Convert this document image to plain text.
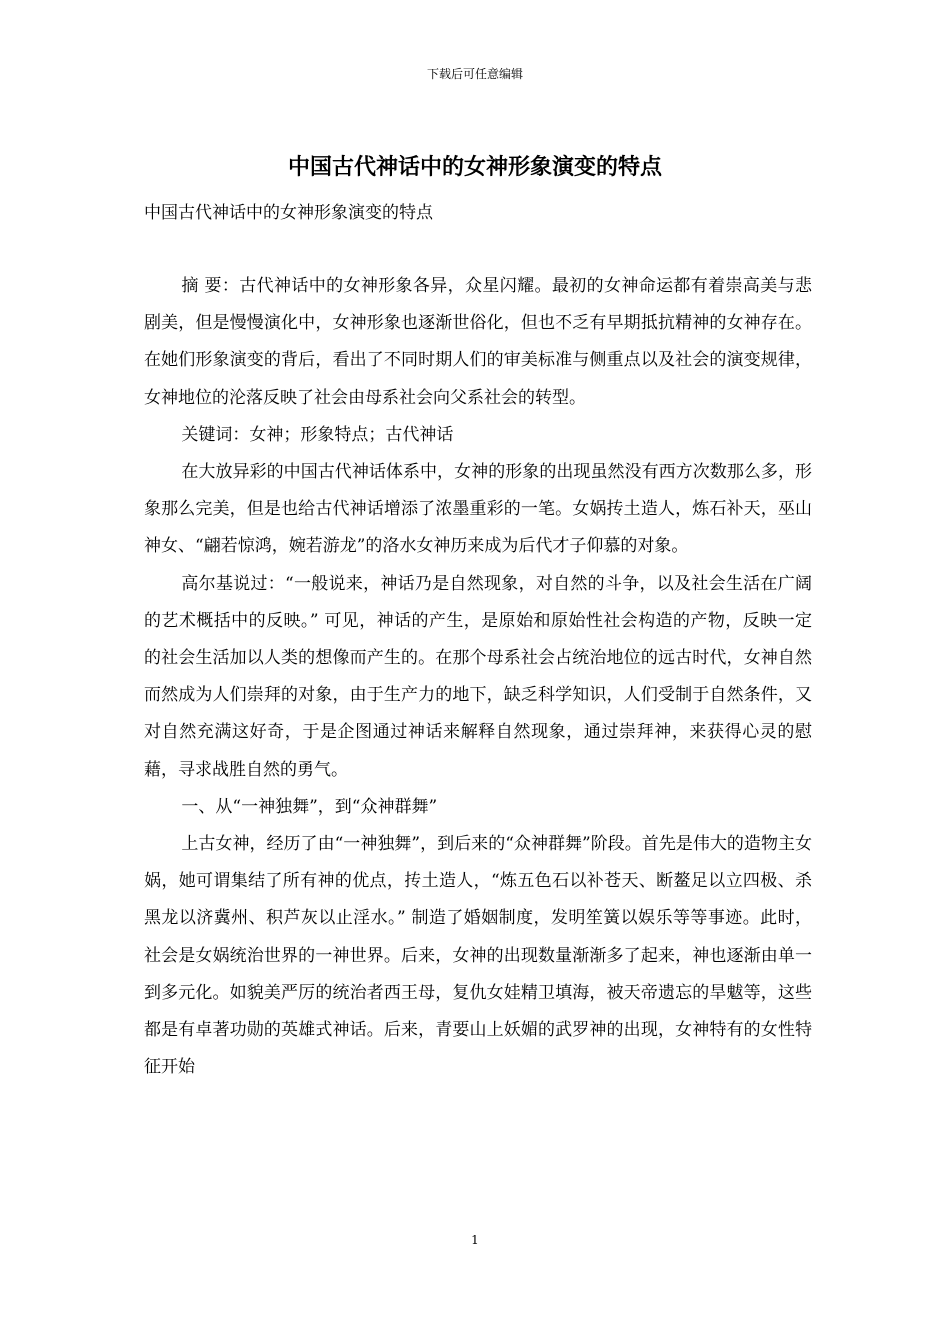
下载后可任意编辑
中国古代神话中的女神形象演变的特点
中国古代神话中的女神形象演变的特点

摘 要：古代神话中的女神形象各异，众星闪耀。最初的女神命运都有着崇高美与悲剧美，但是慢慢演化中，女神形象也逐渐世俗化，但也不乏有早期抵抗精神的女神存在。在她们形象演变的背后，看出了不同时期人们的审美标准与侧重点以及社会的演变规律，女神地位的沦落反映了社会由母系社会向父系社会的转型。

关键词：女神；形象特点；古代神话

在大放异彩的中国古代神话体系中，女神的形象的出现虽然没有西方次数那么多，形象那么完美，但是也给古代神话增添了浓墨重彩的一笔。女娲抟土造人，炼石补天，巫山神女、“翩若惊鸿，婉若游龙”的洛水女神历来成为后代才子仰慕的对象。

高尔基说过：“一般说来，神话乃是自然现象，对自然的斗争，以及社会生活在广阔的艺术概括中的反映。” 可见，神话的产生，是原始和原始性社会构造的产物，反映一定的社会生活加以人类的想像而产生的。在那个母系社会占统治地位的远古时代，女神自然而然成为人们崇拜的对象，由于生产力的地下，缺乏科学知识，人们受制于自然条件，又对自然充满这好奇，于是企图通过神话来解释自然现象，通过崇拜神，来获得心灵的慰藉，寻求战胜自然的勇气。

一、从“一神独舞”，到“众神群舞”

上古女神，经历了由“一神独舞”，到后来的“众神群舞”阶段。首先是伟大的造物主女娲，她可谓集结了所有神的优点，抟土造人，“炼五色石以补苍天、断鳌足以立四极、杀黑龙以济冀州、积芦灰以止淫水。” 制造了婚姻制度，发明笙簧以娱乐等等事迹。此时，社会是女娲统治世界的一神世界。后来，女神的出现数量渐渐多了起来，神也逐渐由单一到多元化。如貌美严厉的统治者西王母，复仇女娃精卫填海，被天帝遗忘的旱魃等，这些都是有卓著功勋的英雄式神话。后来，青要山上妖媚的武罗神的出现，女神特有的女性特征开始

1
